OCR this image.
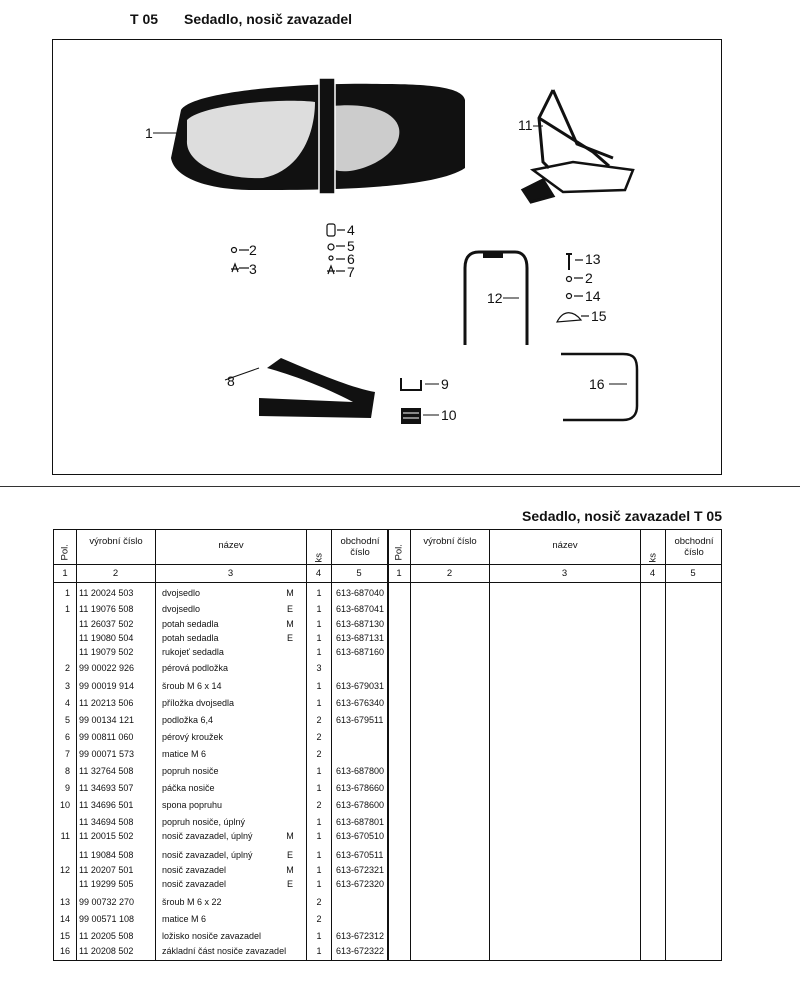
T 05 Sedadlo, nosič zavazadel
1	11
2
3
4
5
6
7
12
13
2
14
15
8	9
10
16
Sedadlo, nosič zavazadel T 05
Pol.
výrobní číslo	název
ks
obchodní číslo	Pol.
výrobní číslo	název
ks
obchodní číslo
1	2	3	4	5	1	2	3	4	5
1 11 20024 503	dvojsedlo	M	1	613-687040
1 11 19076 508	dvojsedlo	E	1	613-687041
11 26037 502	potah sedadla	M	1	613-687130
11 19080 504	potah sedadla	E	1	613-687131
11 19079 502	rukojeť sedadla	1	613-687160
2 99 00022 926	pérová podložka	3
3 99 00019 914	šroub M 6 x 14	1	613-679031
4 11 20213 506	příložka dvojsedla	1	613-676340
5 99 00134 121	podložka 6,4	2	613-679511
6 99 00811 060	pérový kroužek	2
7 99 00071 573	matice M 6	2
8 11 32764 508	popruh nosiče	1	613-687800
9 11 34693 507	páčka nosiče	1	613-678660
10 11 34696 501	spona popruhu	2	613-678600
11 34694 508	popruh nosiče, úplný	1	613-687801
11 11 20015 502	nosič zavazadel, úplný	M	1	613-670510
11 19084 508	nosič zavazadel, úplný	E	1	613-670511
12 11 20207 501	nosič zavazadel	M	1	613-672321
11 19299 505	nosič zavazadel	E	1	613-672320
13 99 00732 270	šroub M 6 x 22	2
14 99 00571 108	matice M 6	2
15 11 20205 508	ložisko nosiče zavazadel	1	613-672312
16 11 20208 502	základní část nosiče zavazadel	1	613-672322
